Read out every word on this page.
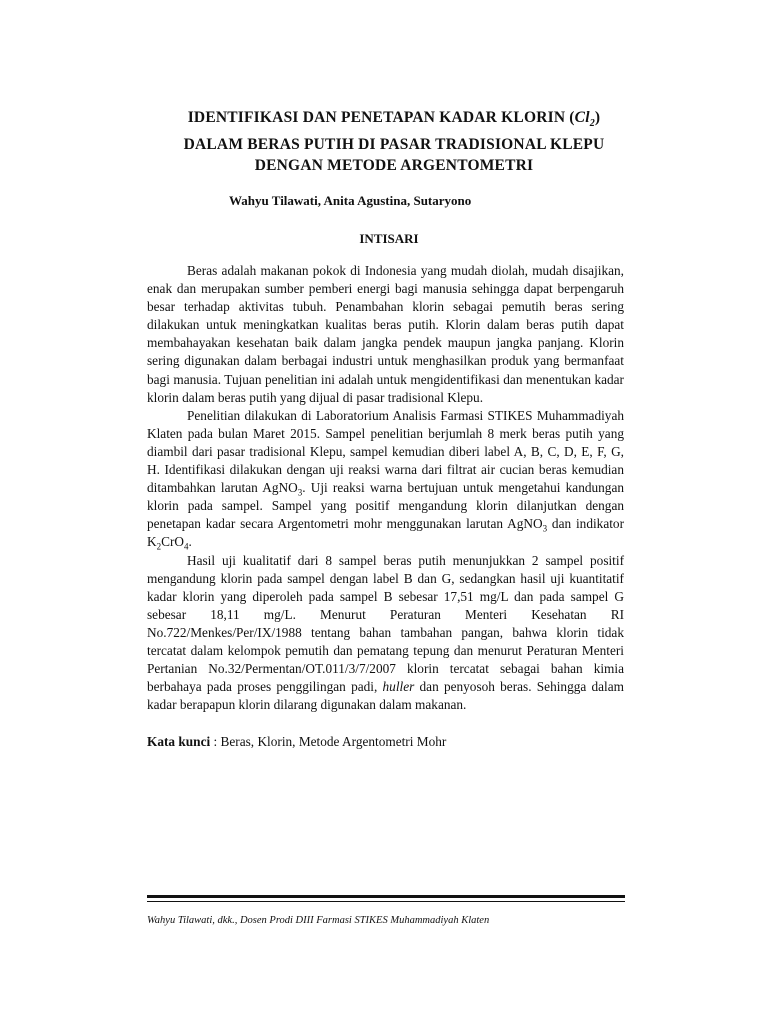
IDENTIFIKASI DAN PENETAPAN KADAR KLORIN $(Cl_2)$
DALAM BERAS PUTIH DI PASAR TRADISIONAL KLEPU
DENGAN METODE ARGENTOMETRI
Wahyu Tilawati, Anita Agustina, Sutaryono
INTISARI

Beras adalah makanan pokok di Indonesia yang mudah diolah, mudah disajikan, enak dan merupakan sumber pemberi energi bagi manusia sehingga dapat berpengaruh besar terhadap aktivitas tubuh. Penambahan klorin sebagai pemutih beras sering dilakukan untuk meningkatkan kualitas beras putih. Klorin dalam beras putih dapat membahayakan kesehatan baik dalam jangka pendek maupun jangka panjang. Klorin sering digunakan dalam berbagai industri untuk menghasilkan produk yang bermanfaat bagi manusia. Tujuan penelitian ini adalah untuk mengidentifikasi dan menentukan kadar klorin dalam beras putih yang dijual di pasar tradisional Klepu.

Penelitian dilakukan di Laboratorium Analisis Farmasi STIKES Muhammadiyah Klaten pada bulan Maret 2015. Sampel penelitian berjumlah 8 merk beras putih yang diambil dari pasar tradisional Klepu, sampel kemudian diberi label A, B, C, D, E, F, G, H. Identifikasi dilakukan dengan uji reaksi warna dari filtrat air cucian beras kemudian ditambahkan larutan AgNO$_3$. Uji reaksi warna bertujuan untuk mengetahui kandungan klorin pada sampel. Sampel yang positif mengandung klorin dilanjutkan dengan penetapan kadar secara Argentometri mohr menggunakan larutan AgNO$_3$ dan indikator $K_2CrO_4$.

Hasil uji kualitatif dari 8 sampel beras putih menunjukkan 2 sampel positif mengandung klorin pada sampel dengan label B dan G, sedangkan hasil uji kuantitatif kadar klorin yang diperoleh pada sampel B sebesar 17,51 mg/L dan pada sampel G sebesar 18,11 mg/L. Menurut Peraturan Menteri Kesehatan RI No.722/Menkes/Per/IX/1988 tentang bahan tambahan pangan, bahwa klorin tidak tercatat dalam kelompok pemutih dan pematang tepung dan menurut Peraturan Menteri Pertanian No.32/Permentan/OT.011/3/7/2007 klorin tercatat sebagai bahan kimia berbahaya pada proses penggilingan padi, huller dan penyosoh beras. Sehingga dalam kadar berapapun klorin dilarang digunakan dalam makanan.

Kata kunci : Beras, Klorin, Metode Argentometri Mohr
Wahyu Tilawati, dkk., Dosen Prodi DIII Farmasi STIKES Muhammadiyah Klaten
